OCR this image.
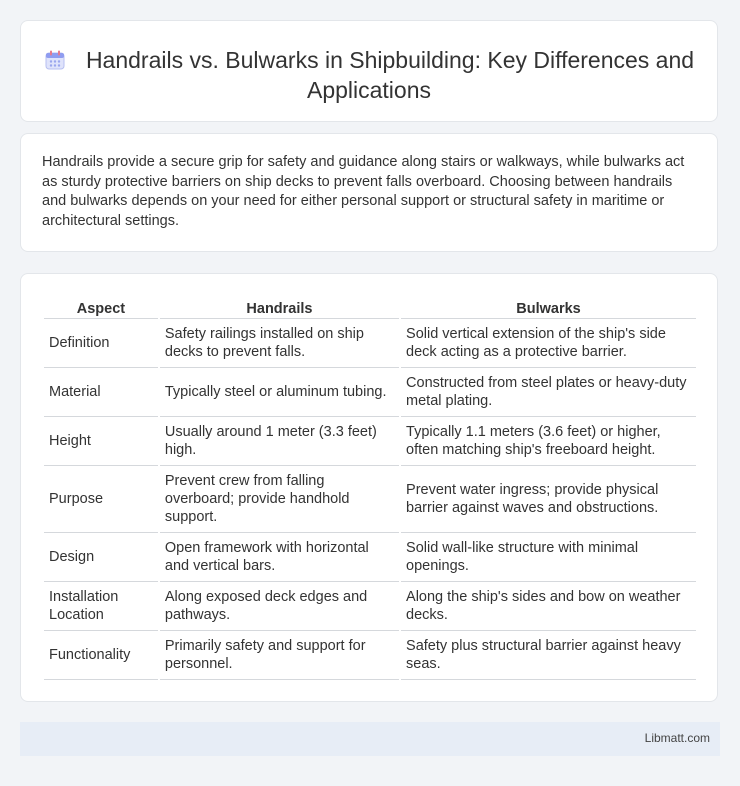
Handrails vs. Bulwarks in Shipbuilding: Key Differences and Applications

Handrails provide a secure grip for safety and guidance along stairs or walkways, while bulwarks act as sturdy protective barriers on ship decks to prevent falls overboard. Choosing between handrails and bulwarks depends on your need for either personal support or structural safety in maritime or architectural settings.

Aspect	Handrails	Bulwarks
Definition	Safety railings installed on ship decks to prevent falls.	Solid vertical extension of the ship's side deck acting as a protective barrier.
Material	Typically steel or aluminum tubing.	Constructed from steel plates or heavy-duty metal plating.
Height	Usually around 1 meter (3.3 feet) high.	Typically 1.1 meters (3.6 feet) or higher, often matching ship's freeboard height.
Purpose	Prevent crew from falling overboard; provide handhold support.	Prevent water ingress; provide physical barrier against waves and obstructions.
Design	Open framework with horizontal and vertical bars.	Solid wall-like structure with minimal openings.
Installation Location	Along exposed deck edges and pathways.	Along the ship's sides and bow on weather decks.
Functionality	Primarily safety and support for personnel.	Safety plus structural barrier against heavy seas.
Libmatt.com
